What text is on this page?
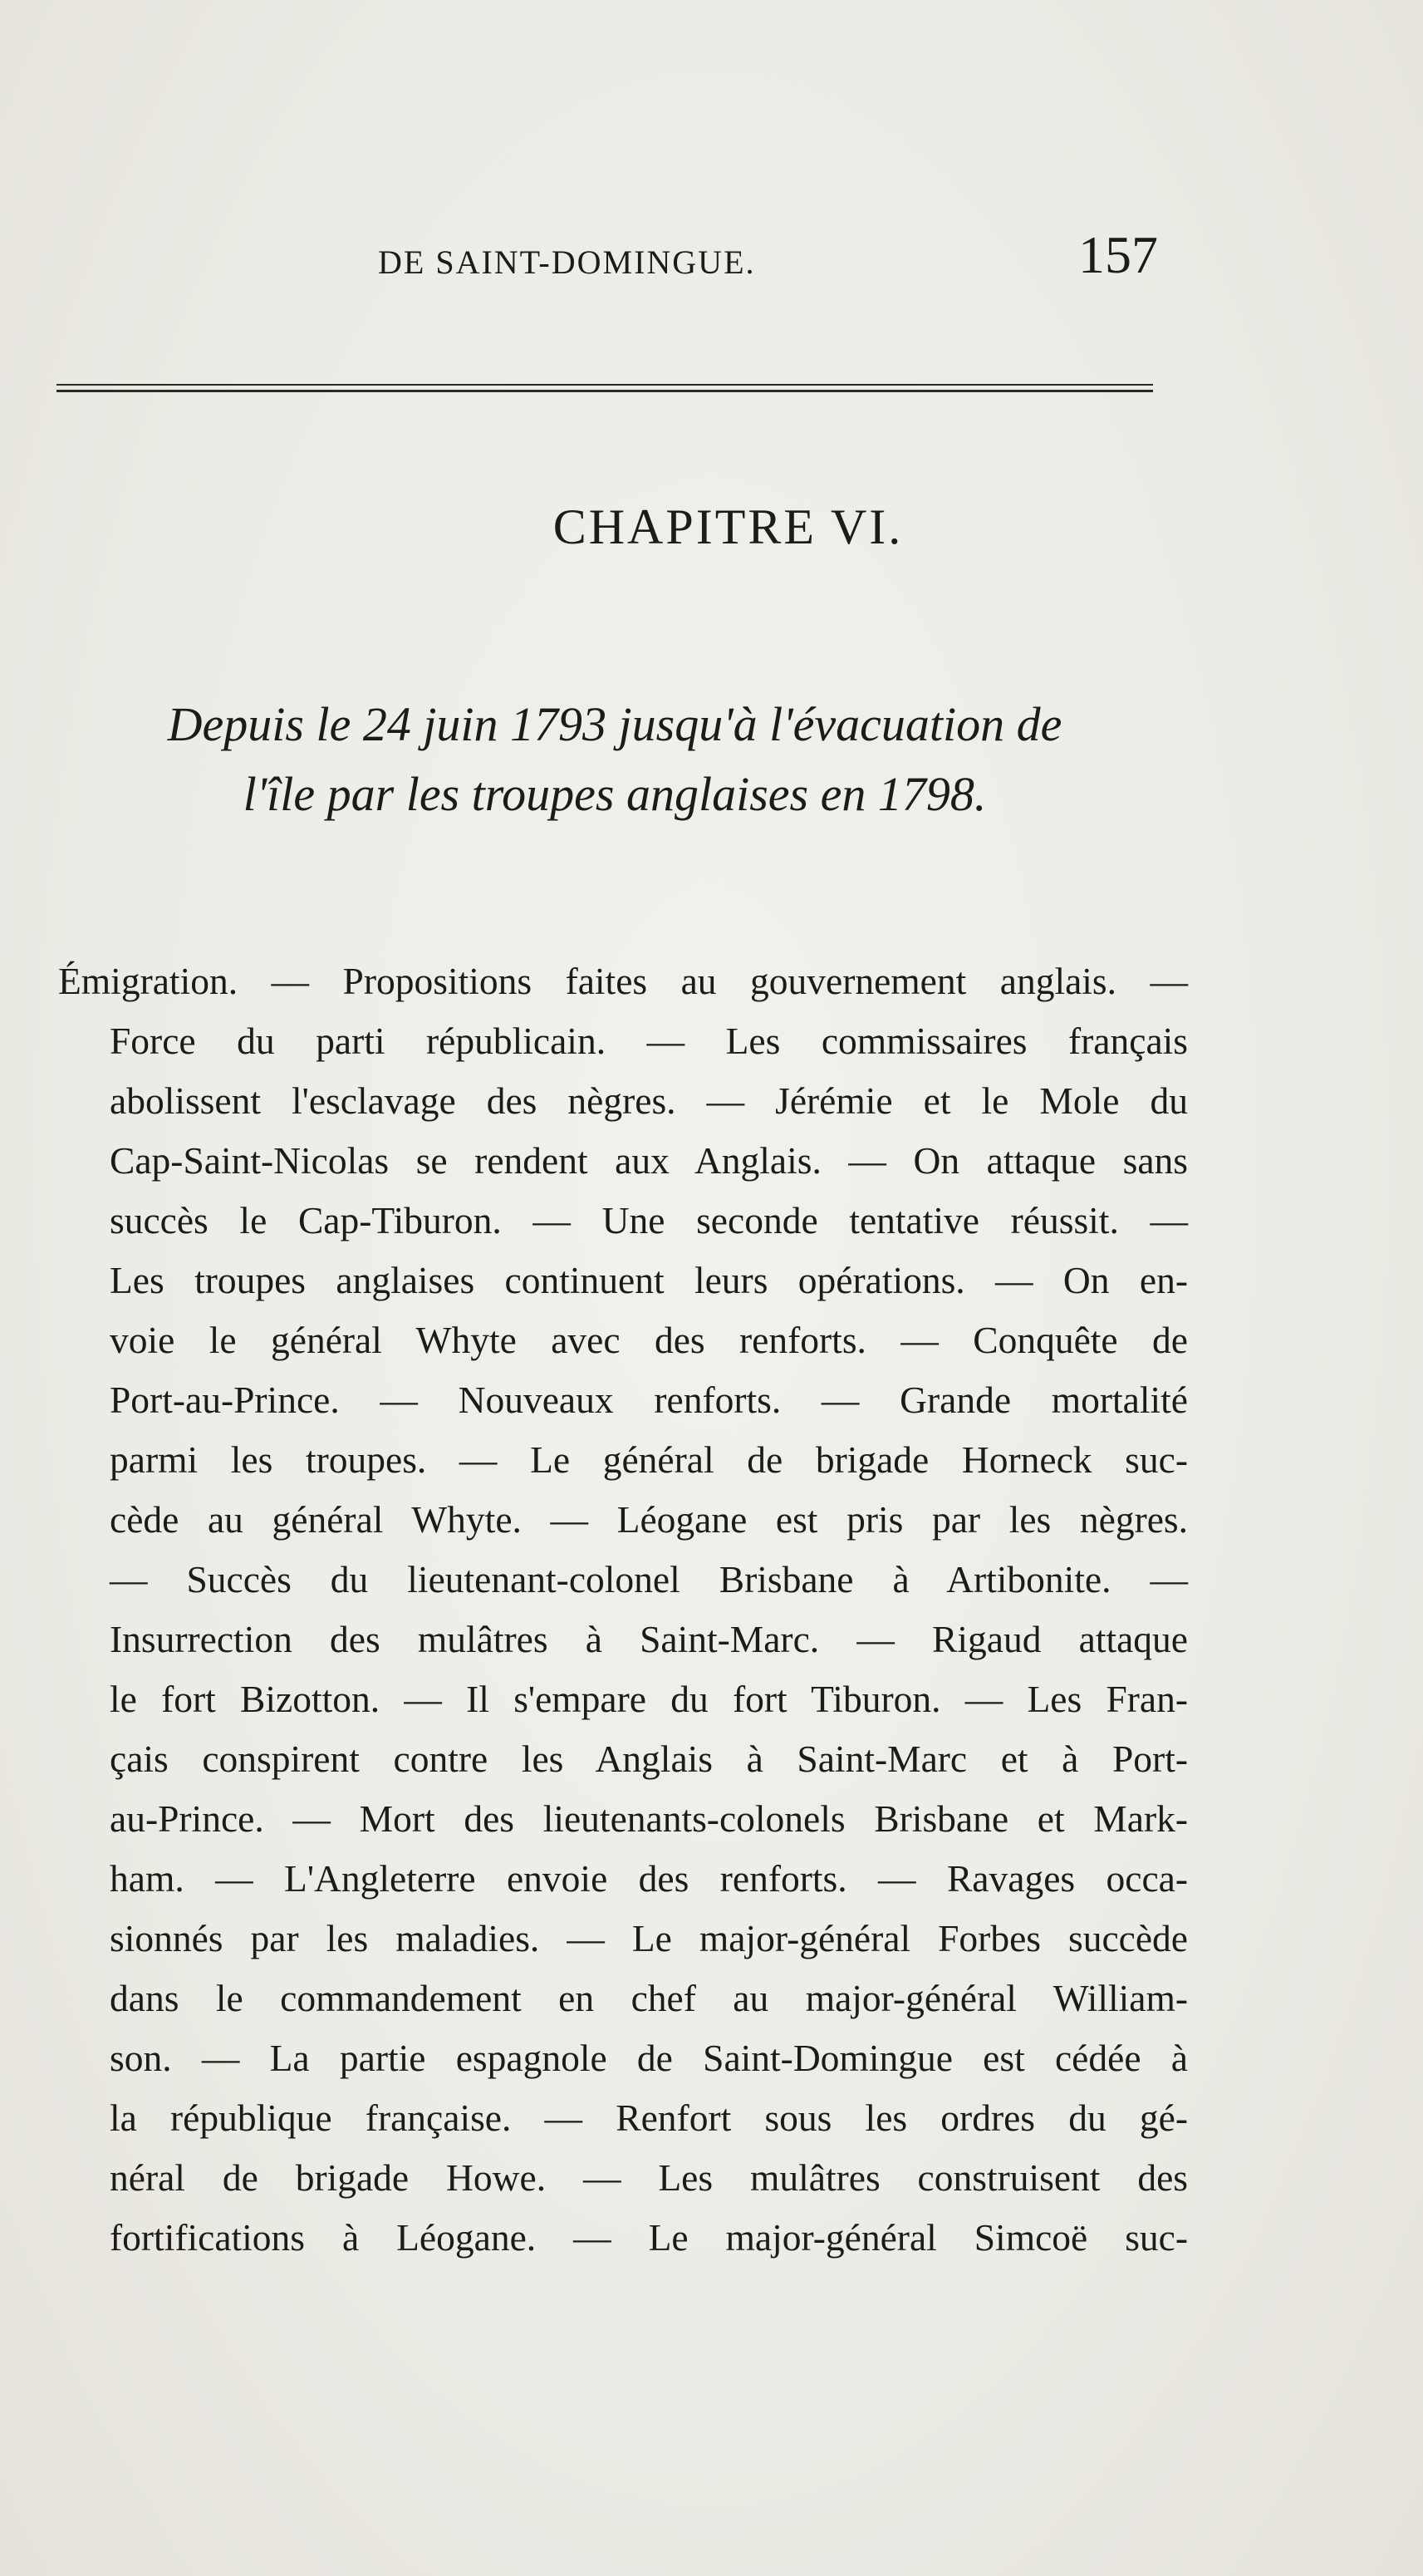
DE SAINT-DOMINGUE.	157
CHAPITRE VI.
Depuis le 24 juin 1793 jusqu'à l'évacuation de
l'île par les troupes anglaises en 1798.
Émigration. — Propositions faites au gouvernement anglais. —
Force du parti républicain. — Les commissaires français
abolissent l'esclavage des nègres. — Jérémie et le Mole du
Cap-Saint-Nicolas se rendent aux Anglais. — On attaque sans
succès le Cap-Tiburon. — Une seconde tentative réussit. —
Les troupes anglaises continuent leurs opérations. — On en-
voie le général Whyte avec des renforts. — Conquête de
Port-au-Prince. — Nouveaux renforts. — Grande mortalité
parmi les troupes. — Le général de brigade Horneck suc-
cède au général Whyte. — Léogane est pris par les nègres.
— Succès du lieutenant-colonel Brisbane à Artibonite. —
Insurrection des mulâtres à Saint-Marc. — Rigaud attaque
le fort Bizotton. — Il s'empare du fort Tiburon. — Les Fran-
çais conspirent contre les Anglais à Saint-Marc et à Port-
au-Prince. — Mort des lieutenants-colonels Brisbane et Mark-
ham. — L'Angleterre envoie des renforts. — Ravages occa-
sionnés par les maladies. — Le major-général Forbes succède
dans le commandement en chef au major-général William-
son. — La partie espagnole de Saint-Domingue est cédée à
la république française. — Renfort sous les ordres du gé-
néral de brigade Howe. — Les mulâtres construisent des
fortifications à Léogane. — Le major-général Simcoë suc-
